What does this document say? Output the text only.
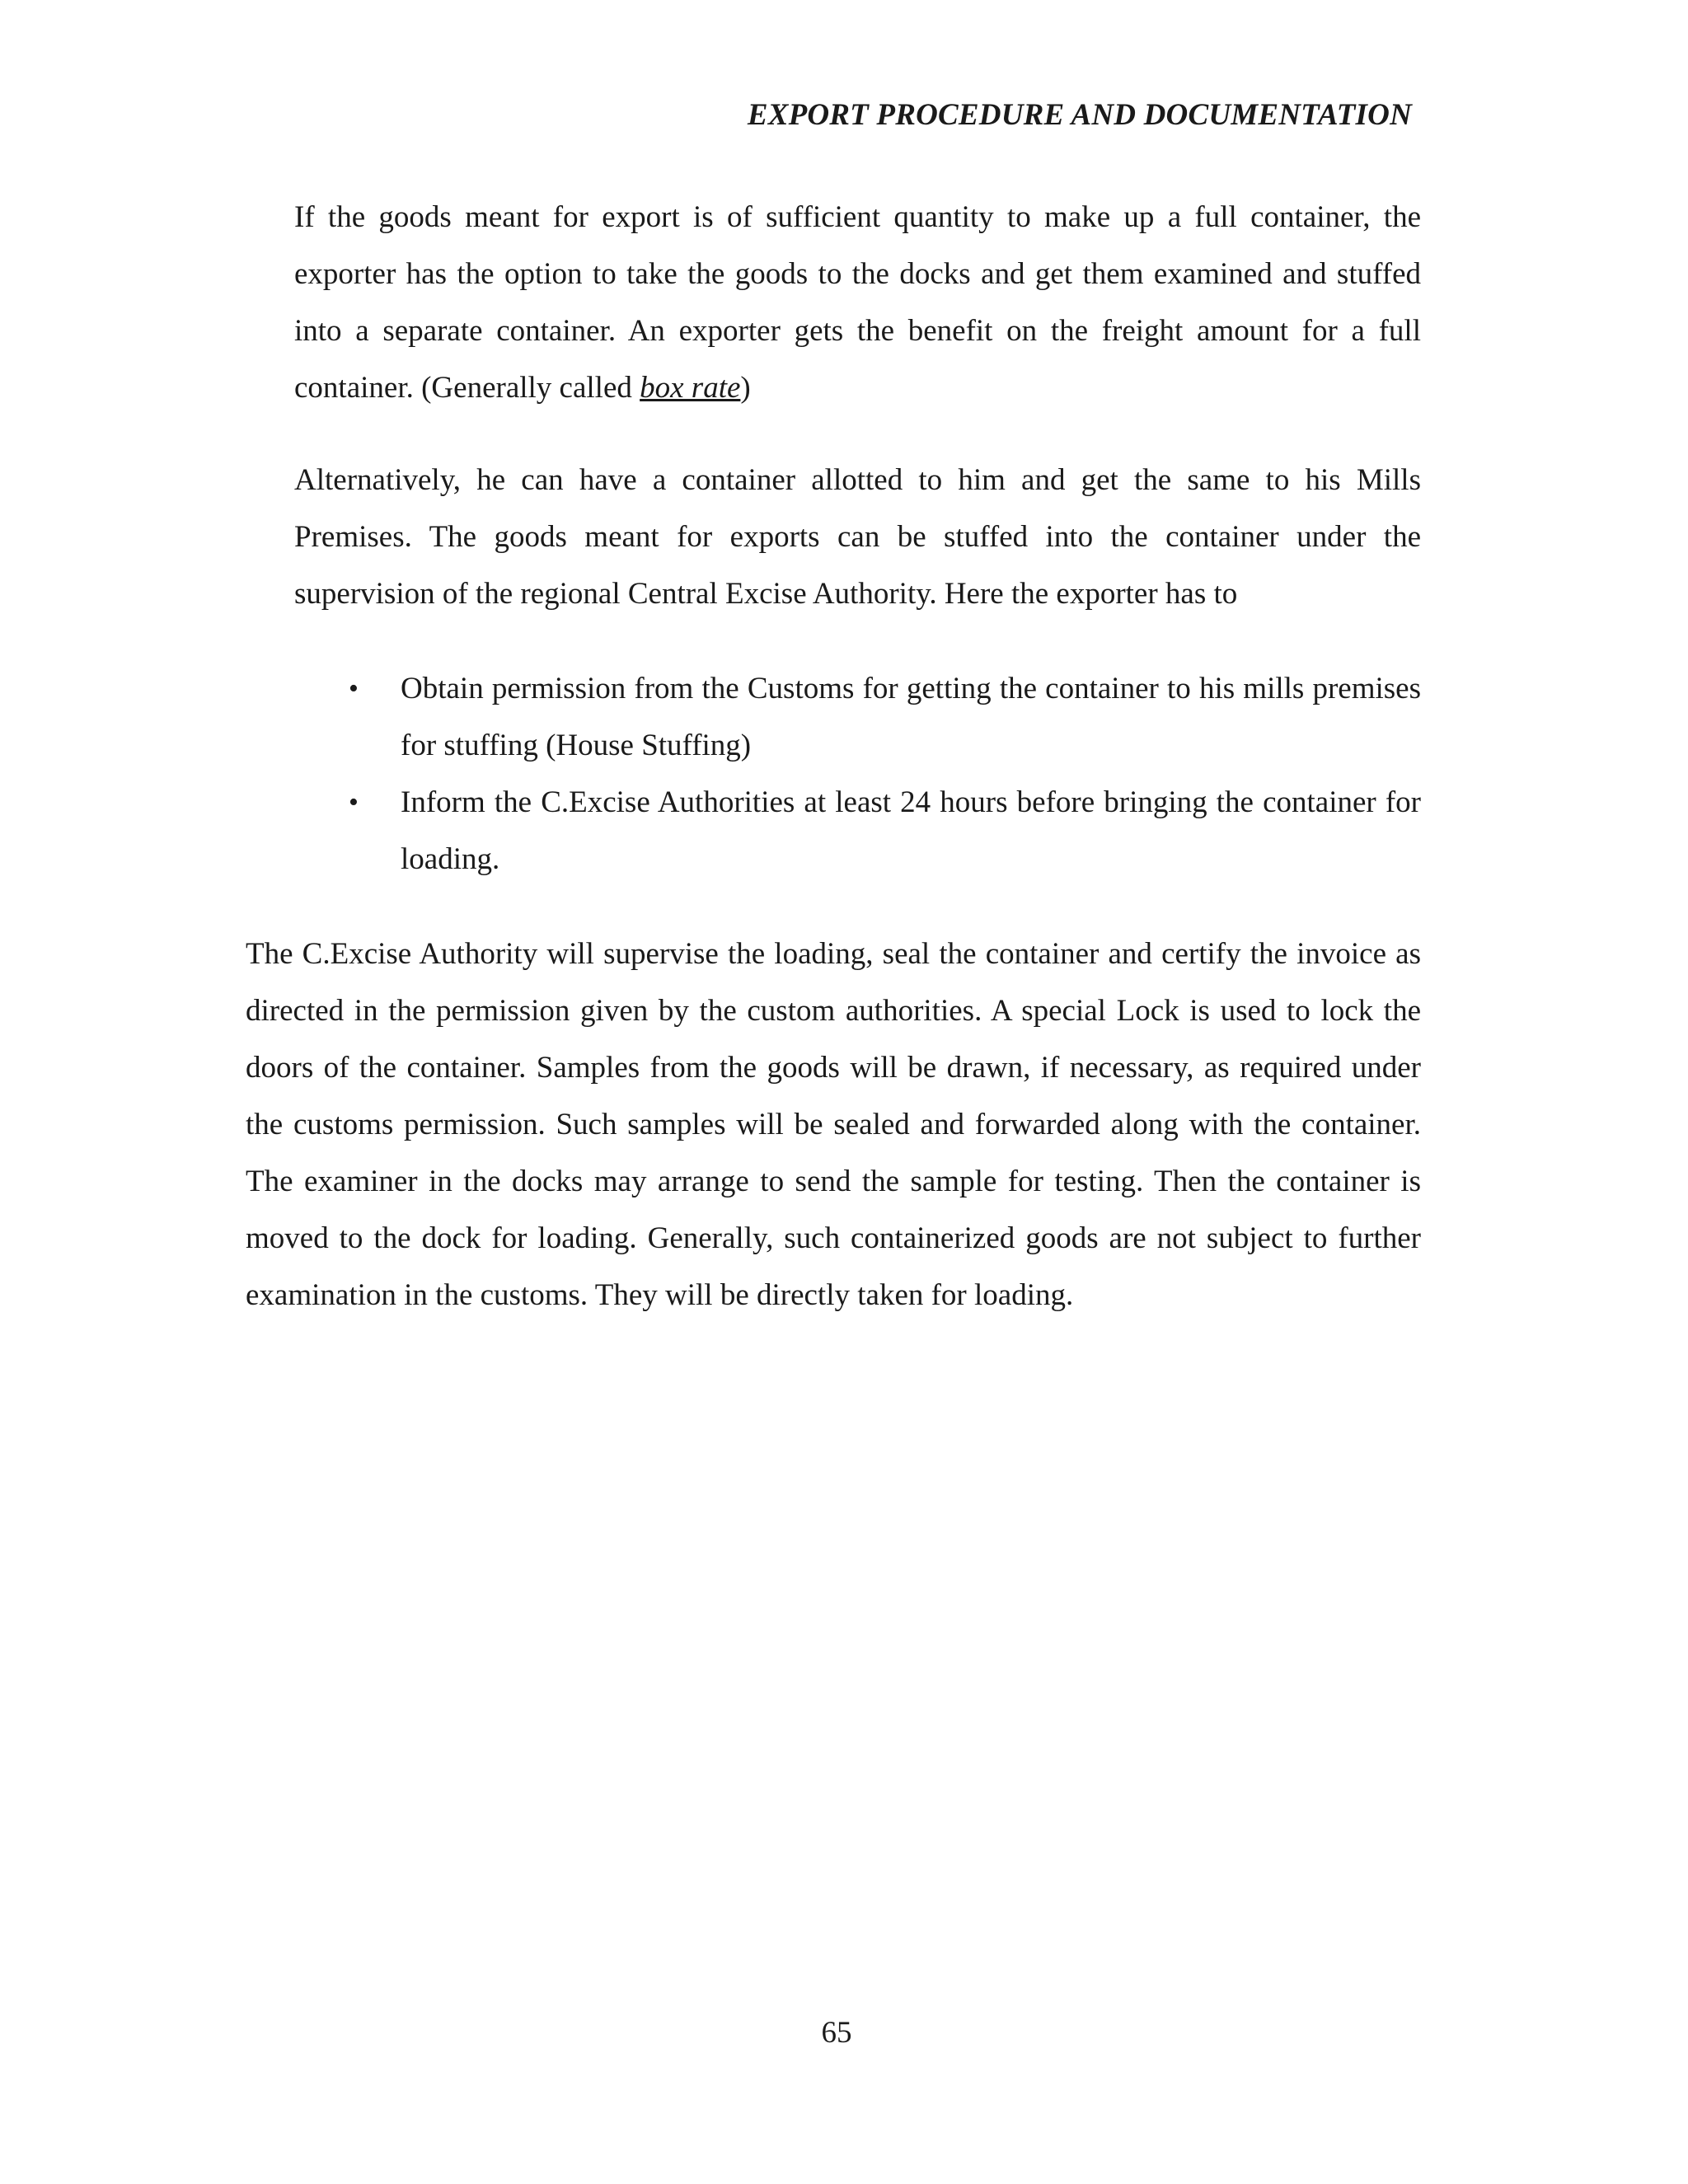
EXPORT PROCEDURE AND DOCUMENTATION

If the goods meant for export is of sufficient quantity to make up a full container, the exporter has the option to take the goods to the docks and get them examined and stuffed into a separate container. An exporter gets the benefit on the freight amount for a full container. (Generally called box rate)

Alternatively, he can have a container allotted to him and get the same to his Mills Premises. The goods meant for exports can be stuffed into the container under the supervision of the regional Central Excise Authority. Here the exporter has to

• Obtain permission from the Customs for getting the container to his mills premises for stuffing (House Stuffing)
• Inform the C.Excise Authorities at least 24 hours before bringing the container for loading.

The C.Excise Authority will supervise the loading, seal the container and certify the invoice as directed in the permission given by the custom authorities. A special Lock is used to lock the doors of the container. Samples from the goods will be drawn, if necessary, as required under the customs permission. Such samples will be sealed and forwarded along with the container. The examiner in the docks may arrange to send the sample for testing. Then the container is moved to the dock for loading. Generally, such containerized goods are not subject to further examination in the customs. They will be directly taken for loading.

65
